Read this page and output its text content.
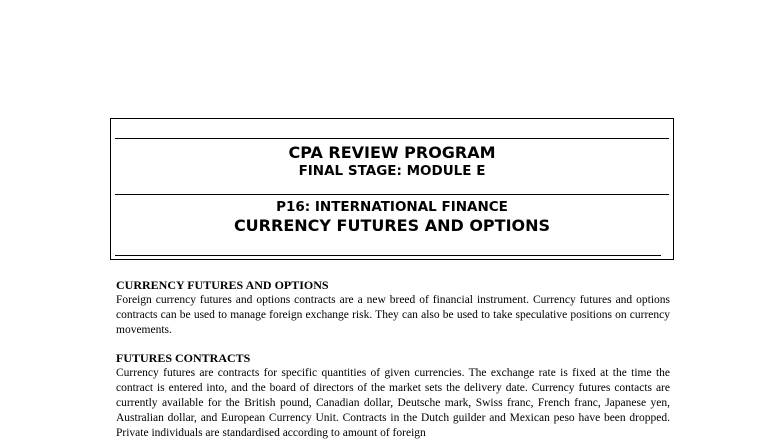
CPA REVIEW PROGRAM
FINAL STAGE: MODULE E
P16: INTERNATIONAL FINANCE
CURRENCY FUTURES AND OPTIONS
CURRENCY FUTURES AND OPTIONS

Foreign currency futures and options contracts are a new breed of financial instrument. Currency futures and options contracts can be used to manage foreign exchange risk. They can also be used to take speculative positions on currency movements.

FUTURES CONTRACTS

Currency futures are contracts for specific quantities of given currencies. The exchange rate is fixed at the time the contract is entered into, and the board of directors of the market sets the delivery date. Currency futures contacts are currently available for the British pound, Canadian dollar, Deutsche mark, Swiss franc, French franc, Japanese yen, Australian dollar, and European Currency Unit. Contracts in the Dutch guilder and Mexican peso have been dropped. Private individuals are standardised according to amount of foreign
